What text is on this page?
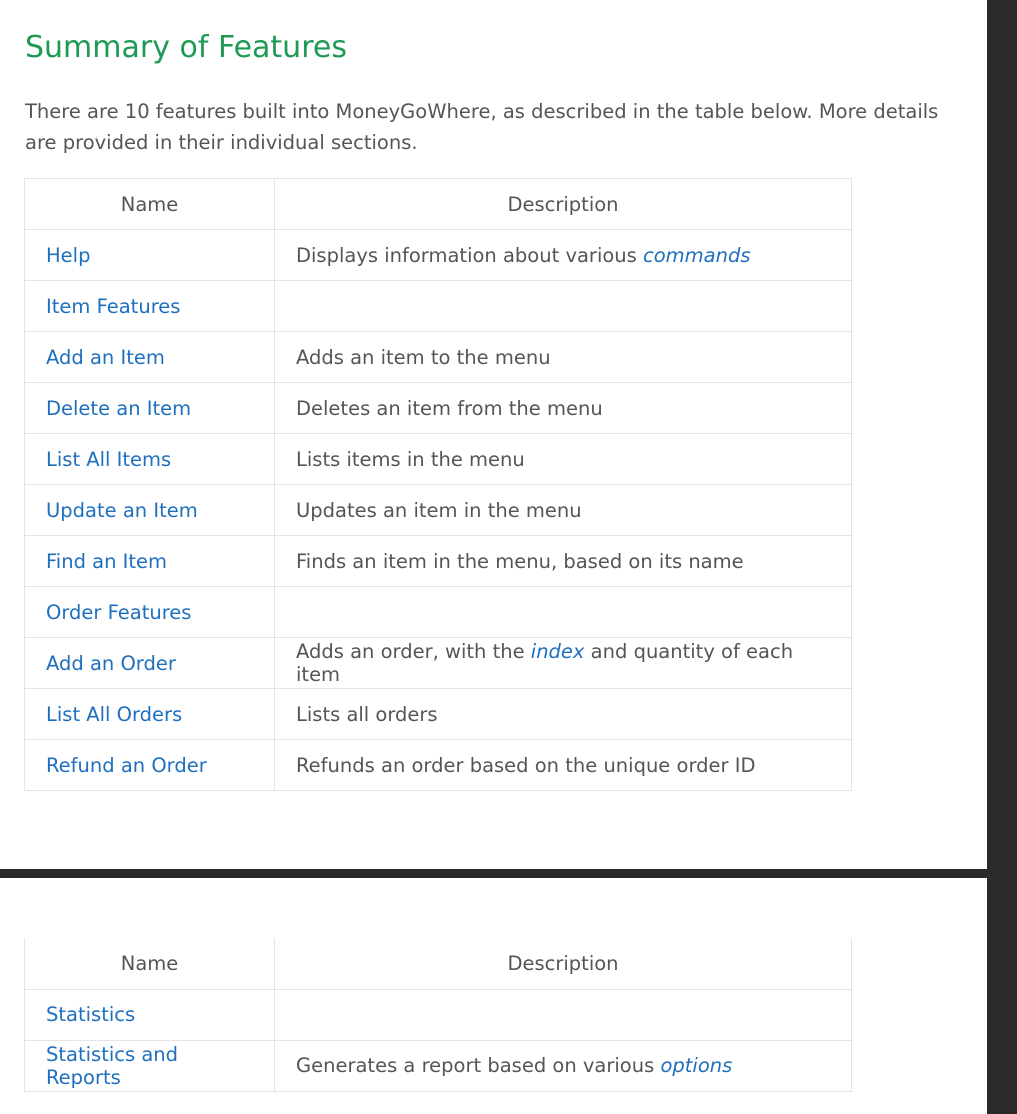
Summary of Features

There are 10 features built into MoneyGoWhere, as described in the table below. More details are provided in their individual sections.

Name	Description
Help	Displays information about various commands
Item Features	
Add an Item	Adds an item to the menu
Delete an Item	Deletes an item from the menu
List All Items	Lists items in the menu
Update an Item	Updates an item in the menu
Find an Item	Finds an item in the menu, based on its name
Order Features	
Add an Order	Adds an order, with the index and quantity of each item
List All Orders	Lists all orders
Refund an Order	Refunds an order based on the unique order ID
Name	Description
Statistics	
Statistics and Reports	Generates a report based on various options
